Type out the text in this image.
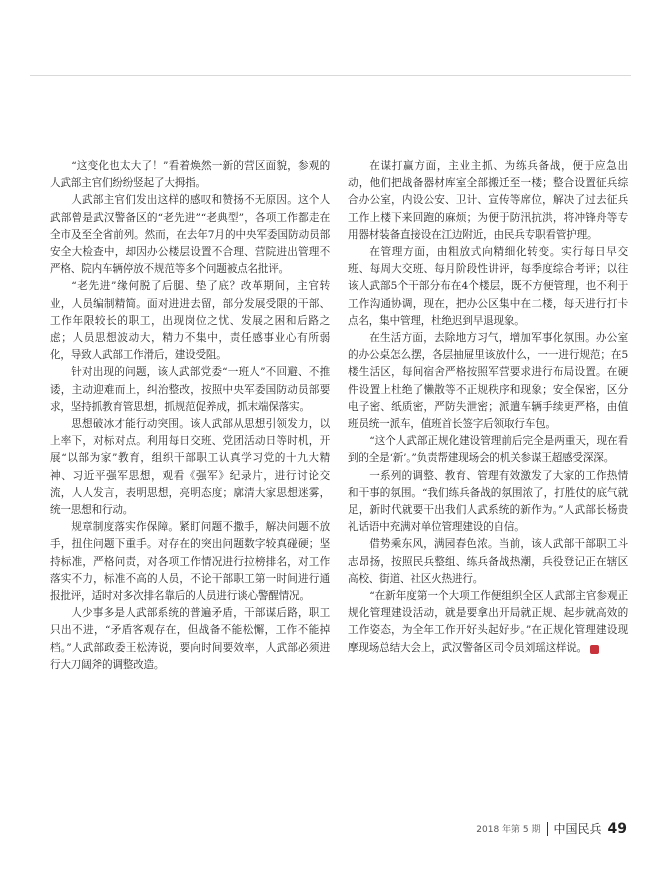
“这变化也太大了！”看着焕然一新的营区面貌，参观的人武部主官们纷纷竖起了大拇指。

人武部主官们发出这样的感叹和赞扬不无原因。这个人武部曾是武汉警备区的“老先进”“老典型”，各项工作都走在全市及至全省前列。然而，在去年7月的中央军委国防动员部安全大检查中，却因办公楼层设置不合理、营院进出管理不严格、院内车辆停放不规范等多个问题被点名批评。

“老先进”缘何脱了后腿、垫了底？改革期间，主官转业，人员编制精简。面对进进去留，部分发展受限的干部、工作年限较长的职工，出现岗位之忧、发展之困和后路之虑；人员思想波动大，精力不集中，责任感事业心有所弱化，导致人武部工作滑后，建设受阻。

针对出现的问题，该人武部党委“一班人”不回避、不推诿，主动迎难而上，纠治整改，按照中央军委国防动员部要求，坚持抓教育管思想，抓规范促养成，抓末端保落实。

思想破冰才能行动突围。该人武部从思想引领发力，以上率下，对标对点。利用每日交班、党团活动日等时机，开展“以部为家”教育，组织干部职工认真学习党的十九大精神、习近平强军思想，观看《强军》纪录片，进行讨论交流，人人发言，表明思想，亮明态度；廓清大家思想迷雾，统一思想和行动。

规章制度落实作保障。紧盯问题不撒手，解决问题不放手，扭住问题下重手。对存在的突出问题数字较真碰硬；坚持标准，严格问责，对各项工作情况进行拉榜排名，对工作落实不力，标准不高的人员，不论干部职工第一时间进行通报批评，适时对多次排名靠后的人员进行谈心警醒情况。

人少事多是人武部系统的普遍矛盾，干部谋后路，职工只出不进，“矛盾客观存在，但战备不能松懈，工作不能掉档。”人武部政委王松涛说，要向时间要效率，人武部必须进行大刀阔斧的调整改造。

在谋打赢方面，主业主抓、为练兵备战，便于应急出动，他们把战备器材库室全部搬迁至一楼；整合设置征兵综合办公室，内设公安、卫计、宣传等席位，解决了过去征兵工作上楼下来回跑的麻烦；为便于防汛抗洪，将冲锋舟等专用器材装备直接设在江边附近，由民兵专职看管护理。

在管理方面，由粗放式向精细化转变。实行每日早交班、每周大交班、每月阶段性讲评，每季度综合考评；以往该人武部5个干部分布在4个楼层，既不方便管理，也不利于工作沟通协调，现在，把办公区集中在二楼，每天进行打卡点名，集中管理，杜绝迟到早退现象。

在生活方面，去除地方习气，增加军事化氛围。办公室的办公桌怎么摆，各层抽屉里该放什么，一一进行规范；在5楼生活区，每间宿舍严格按照军营要求进行布局设置。在硬件设置上杜绝了懒散等不正规秩序和现象；安全保密，区分电子密、纸质密，严防失泄密；派遣车辆手续更严格，由值班员统一派车，值班首长签字后领取行车包。

“这个人武部正规化建设管理前后完全是两重天，现在看到的全是‘新’。”负责帮建现场会的机关参谋王超感受深深。

一系列的调整、教育、管理有效激发了大家的工作热情和干事的氛围。“我们练兵备战的氛围浓了，打胜仗的底气就足，新时代就要干出我们人武系统的新作为。”人武部长杨贵礼话语中充满对单位管理建设的自信。

借势乘东风，满园春色浓。当前，该人武部干部职工斗志昂扬，按照民兵整组、练兵备战热潮，兵役登记正在辖区高校、街道、社区火热进行。

“在新年度第一个大项工作便组织全区人武部主官参观正规化管理建设活动，就是要拿出开局就正规、起步就高效的工作姿态，为全年工作开好头起好步。”在正规化管理建设现摩现场总结大会上，武汉警备区司令员刘瑶这样说。	兵

2018 年第 5 期 中国民兵 49
